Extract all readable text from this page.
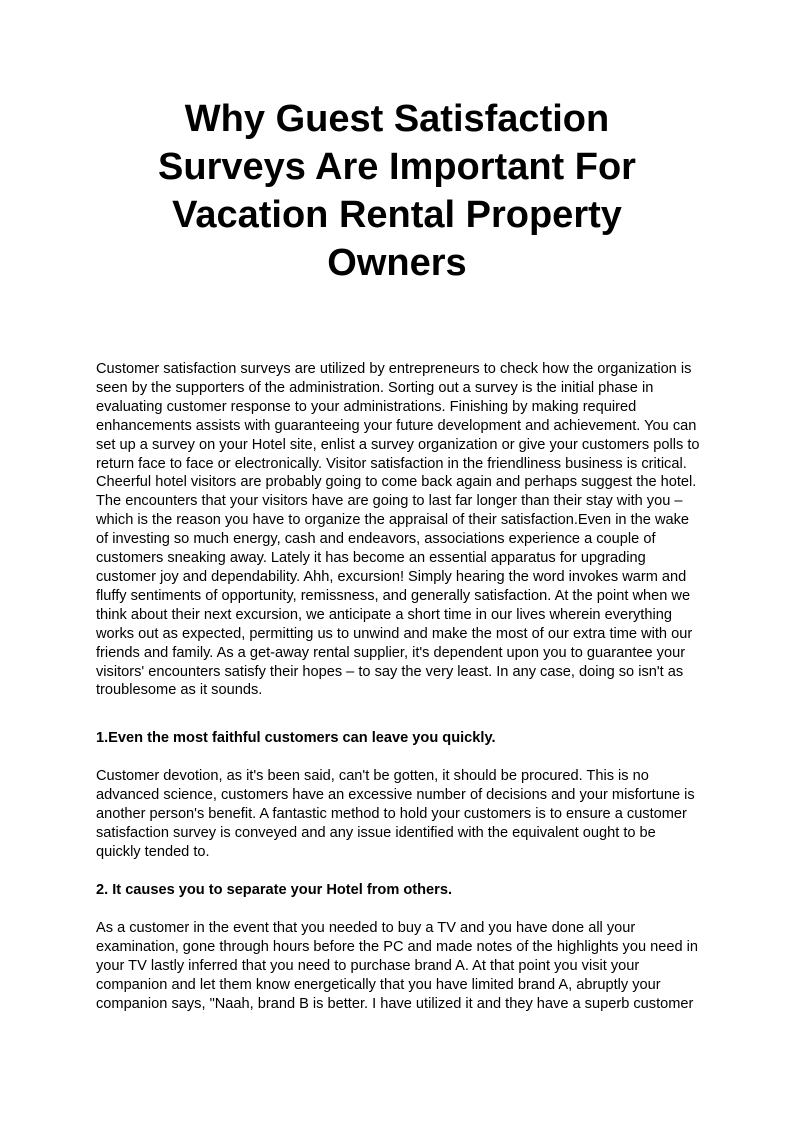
Why Guest Satisfaction
Surveys Are Important For
Vacation Rental Property
Owners

Customer satisfaction surveys are utilized by entrepreneurs to check how the organization is seen by the supporters of the administration. Sorting out a survey is the initial phase in evaluating customer response to your administrations. Finishing by making required enhancements assists with guaranteeing your future development and achievement. You can set up a survey on your Hotel site, enlist a survey organization or give your customers polls to return face to face or electronically. Visitor satisfaction in the friendliness business is critical. Cheerful hotel visitors are probably going to come back again and perhaps suggest the hotel. The encounters that your visitors have are going to last far longer than their stay with you – which is the reason you have to organize the appraisal of their satisfaction.Even in the wake of investing so much energy, cash and endeavors, associations experience a couple of customers sneaking away. Lately it has become an essential apparatus for upgrading customer joy and dependability. Ahh, excursion! Simply hearing the word invokes warm and fluffy sentiments of opportunity, remissness, and generally satisfaction. At the point when we think about their next excursion, we anticipate a short time in our lives wherein everything works out as expected, permitting us to unwind and make the most of our extra time with our friends and family. As a get-away rental supplier, it's dependent upon you to guarantee your visitors' encounters satisfy their hopes – to say the very least. In any case, doing so isn't as troublesome as it sounds.

1.Even the most faithful customers can leave you quickly.

Customer devotion, as it's been said, can't be gotten, it should be procured. This is no advanced science, customers have an excessive number of decisions and your misfortune is another person's benefit. A fantastic method to hold your customers is to ensure a customer satisfaction survey is conveyed and any issue identified with the equivalent ought to be quickly tended to.

2. It causes you to separate your Hotel from others.

As a customer in the event that you needed to buy a TV and you have done all your examination, gone through hours before the PC and made notes of the highlights you need in your TV lastly inferred that you need to purchase brand A. At that point you visit your companion and let them know energetically that you have limited brand A, abruptly your companion says, "Naah, brand B is better. I have utilized it and they have a superb customer
